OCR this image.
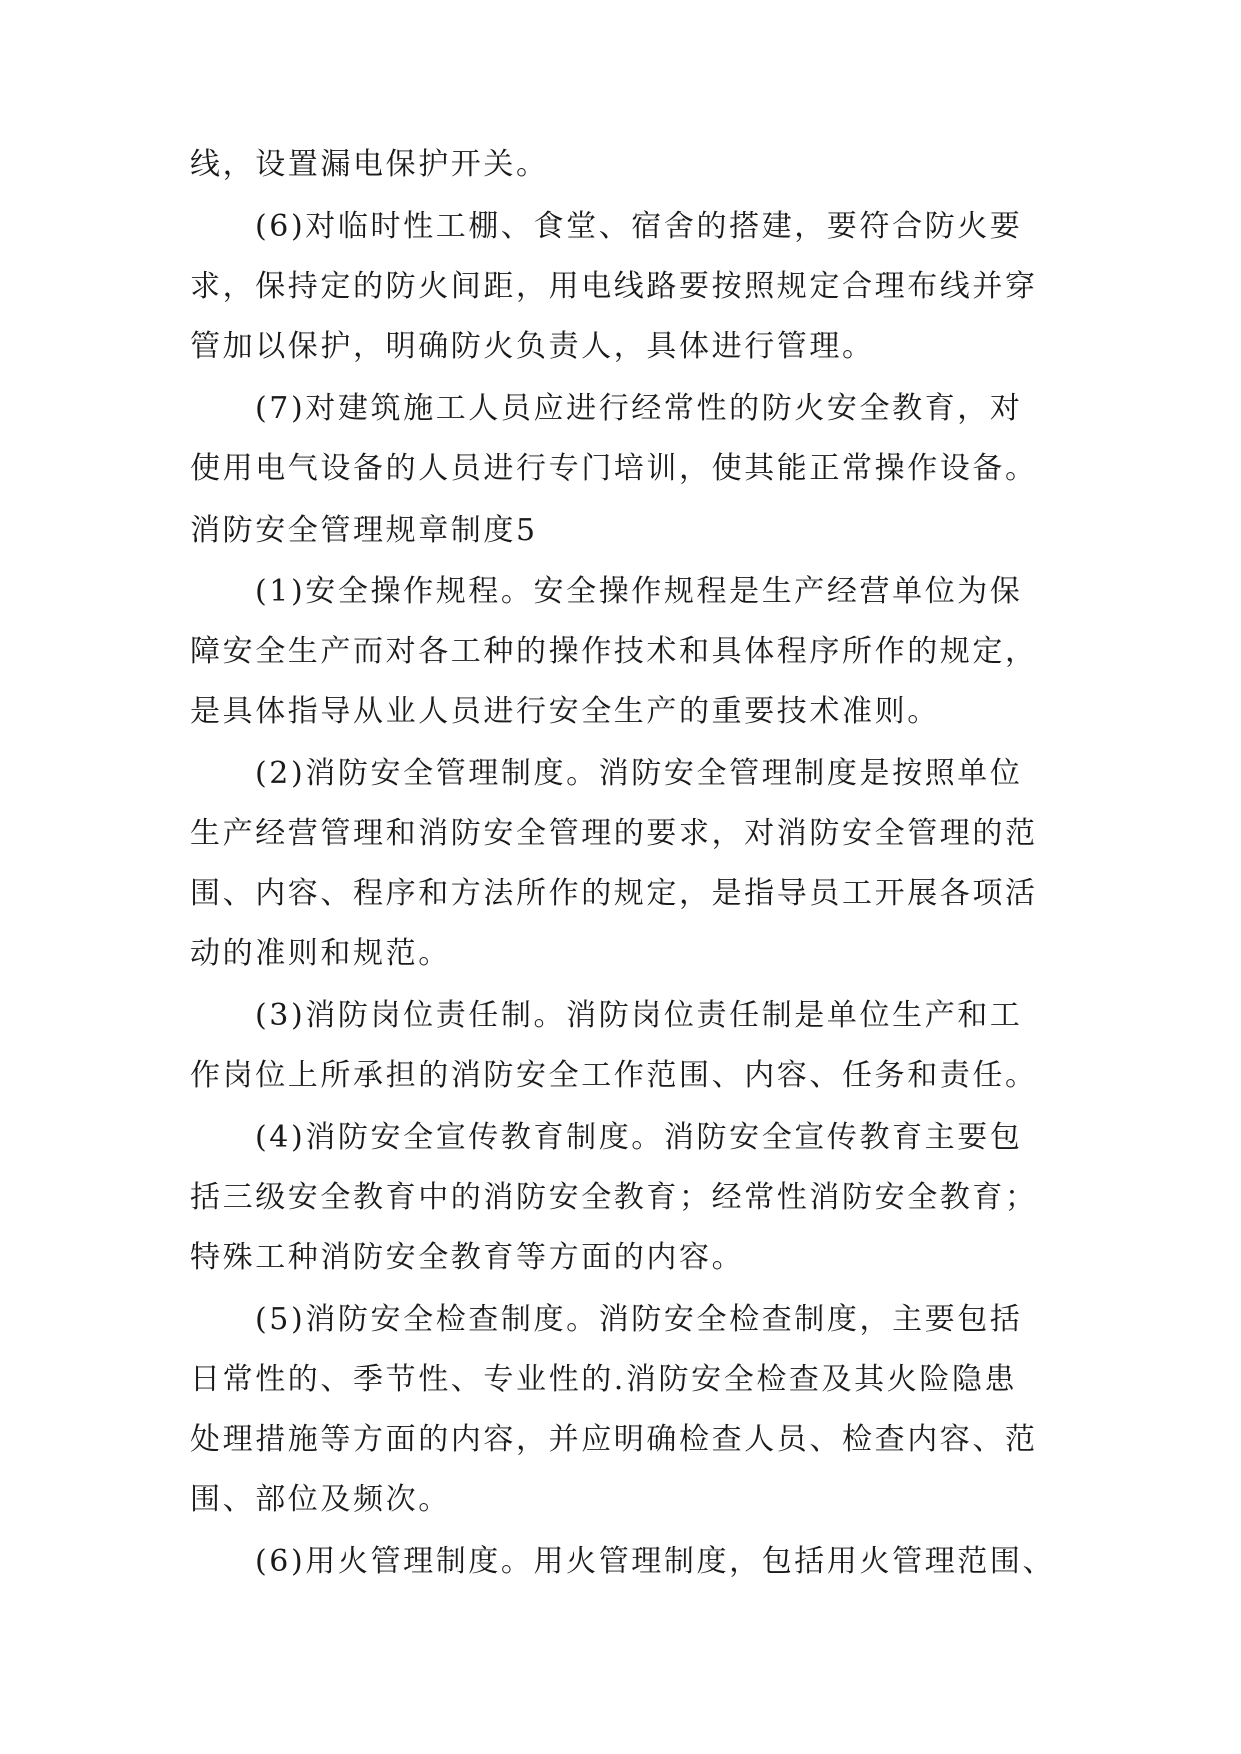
线，设置漏电保护开关。

(6)对临时性工棚、食堂、宿舍的搭建，要符合防火要

求，保持定的防火间距，用电线路要按照规定合理布线并穿

管加以保护，明确防火负责人，具体进行管理。

(7)对建筑施工人员应进行经常性的防火安全教育，对

使用电气设备的人员进行专门培训，使其能正常操作设备。

消防安全管理规章制度5

(1)安全操作规程。安全操作规程是生产经营单位为保

障安全生产而对各工种的操作技术和具体程序所作的规定，

是具体指导从业人员进行安全生产的重要技术准则。

(2)消防安全管理制度。消防安全管理制度是按照单位

生产经营管理和消防安全管理的要求，对消防安全管理的范

围、内容、程序和方法所作的规定，是指导员工开展各项活

动的准则和规范。

(3)消防岗位责任制。消防岗位责任制是单位生产和工

作岗位上所承担的消防安全工作范围、内容、任务和责任。

(4)消防安全宣传教育制度。消防安全宣传教育主要包

括三级安全教育中的消防安全教育；经常性消防安全教育；

特殊工种消防安全教育等方面的内容。

(5)消防安全检查制度。消防安全检查制度，主要包括

日常性的、季节性、专业性的.消防安全检查及其火险隐患

处理措施等方面的内容，并应明确检查人员、检查内容、范

围、部位及频次。

(6)用火管理制度。用火管理制度，包括用火管理范围、
